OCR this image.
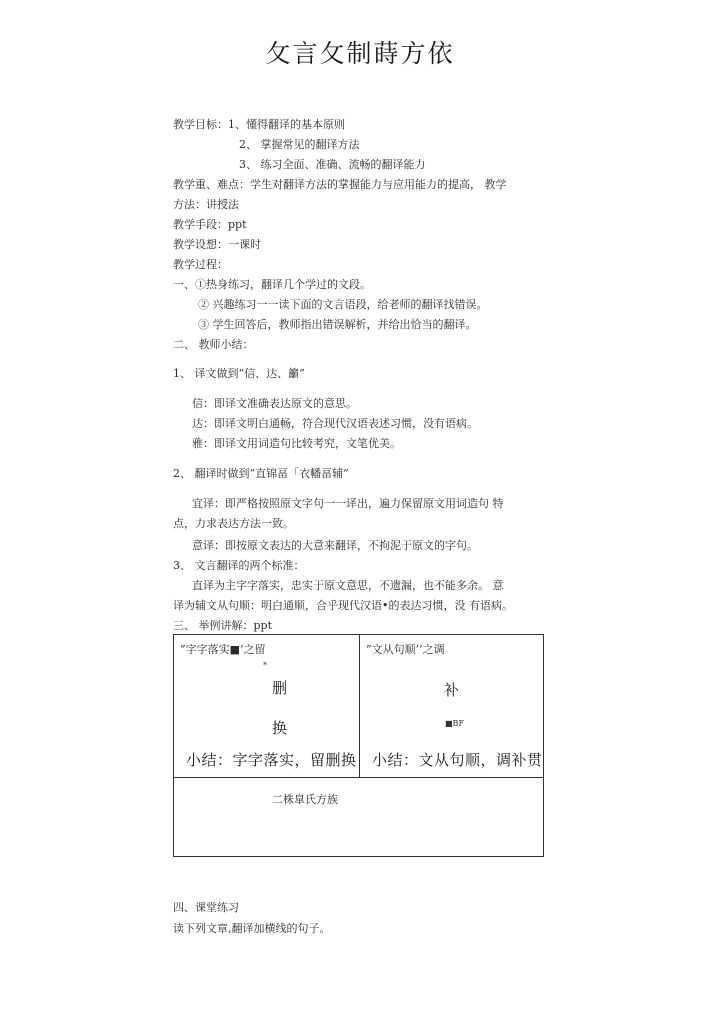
攵言攵制蒔方依
教学目标：1、懂得翻译的基本原则
2、 掌握常见的翻译方法
3、 练习全面、准确、流畅的翻译能力
教学重、难点：学生对翻译方法的掌握能力与应用能力的提高， 教学
方法：讲授法
教学手段：ppt
教学设想：一课时
教学过程：
一、①热身练习，翻译几个学过的文段。
② 兴趣练习一一读下面的文言语段，给老师的翻译找错误。
③ 学生回答后，教师指出错误解析，并给出恰当的翻译。
二、 教师小结：
1、 译文做到“信、达、籲”
信：即译文准确表达原文的意思。
达：即译文明白通畅，符合现代汉语表述习惯，没有语病。
雅：即译文用词造句比较考究，文笔优美。
2、 翻译时做到“直锦畐「衣幡畐辅”
宜译：即严格按照原文字句一一译出，遍力保留原文用词造句 特
点，力求表达方法一致。
意译：即按原文表达的大意来翻译，不拘泥于原文的字句。
3、 文言翻译的两个标准：
直译为主字字落实，忠实于原文意思，不遗漏，也不能多余。 意
译为辅文从句顺：明白通顺，合乎现代汉语•的表达习惯，没 有语病。
三、 举例讲解：ppt
”字字落实■’之留
*
删
换
小结：字字落实，留删换
”文从句顺’’之调
补
■BF
小结：文从句顺，调补贯
二株皐氏方族
四、课堂练习
读下列文章,翻译加横线的句子。
